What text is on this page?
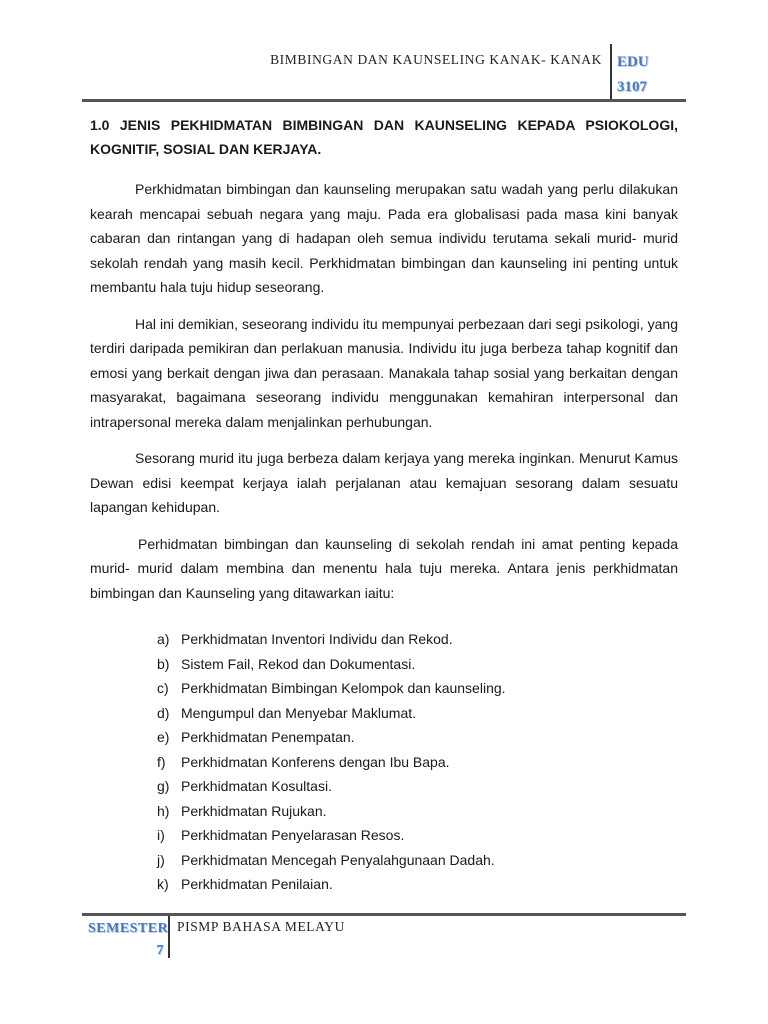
BIMBINGAN DAN KAUNSELING KANAK- KANAK EDU
3107
1.0 JENIS PEKHIDMATAN BIMBINGAN DAN KAUNSELING KEPADA PSIOKOLOGI, KOGNITIF, SOSIAL DAN KERJAYA.

Perkhidmatan bimbingan dan kaunseling merupakan satu wadah yang perlu dilakukan kearah mencapai sebuah negara yang maju. Pada era globalisasi pada masa kini banyak cabaran dan rintangan yang di hadapan oleh semua individu terutama sekali murid- murid sekolah rendah yang masih kecil. Perkhidmatan bimbingan dan kaunseling ini penting untuk membantu hala tuju hidup seseorang.

Hal ini demikian, seseorang individu itu mempunyai perbezaan dari segi psikologi, yang terdiri daripada pemikiran dan perlakuan manusia. Individu itu juga berbeza tahap kognitif dan emosi yang berkait dengan jiwa dan perasaan. Manakala tahap sosial yang berkaitan dengan masyarakat, bagaimana seseorang individu menggunakan kemahiran interpersonal dan intrapersonal mereka dalam menjalinkan perhubungan.

Sesorang murid itu juga berbeza dalam kerjaya yang mereka inginkan. Menurut Kamus Dewan edisi keempat kerjaya ialah perjalanan atau kemajuan sesorang dalam sesuatu lapangan kehidupan.

Perhidmatan bimbingan dan kaunseling di sekolah rendah ini amat penting kepada murid- murid dalam membina dan menentu hala tuju mereka. Antara jenis perkhidmatan bimbingan dan Kaunseling yang ditawarkan iaitu:

a) Perkhidmatan Inventori Individu dan Rekod.
b) Sistem Fail, Rekod dan Dokumentasi.
c) Perkhidmatan Bimbingan Kelompok dan kaunseling.
d) Mengumpul dan Menyebar Maklumat.
e) Perkhidmatan Penempatan.
f) Perkhidmatan Konferens dengan Ibu Bapa.
g) Perkhidmatan Kosultasi.
h) Perkhidmatan Rujukan.
i) Perkhidmatan Penyelarasan Resos.
j) Perkhidmatan Mencegah Penyalahgunaan Dadah.
k) Perkhidmatan Penilaian.
SEMESTER
7
PISMP BAHASA MELAYU
